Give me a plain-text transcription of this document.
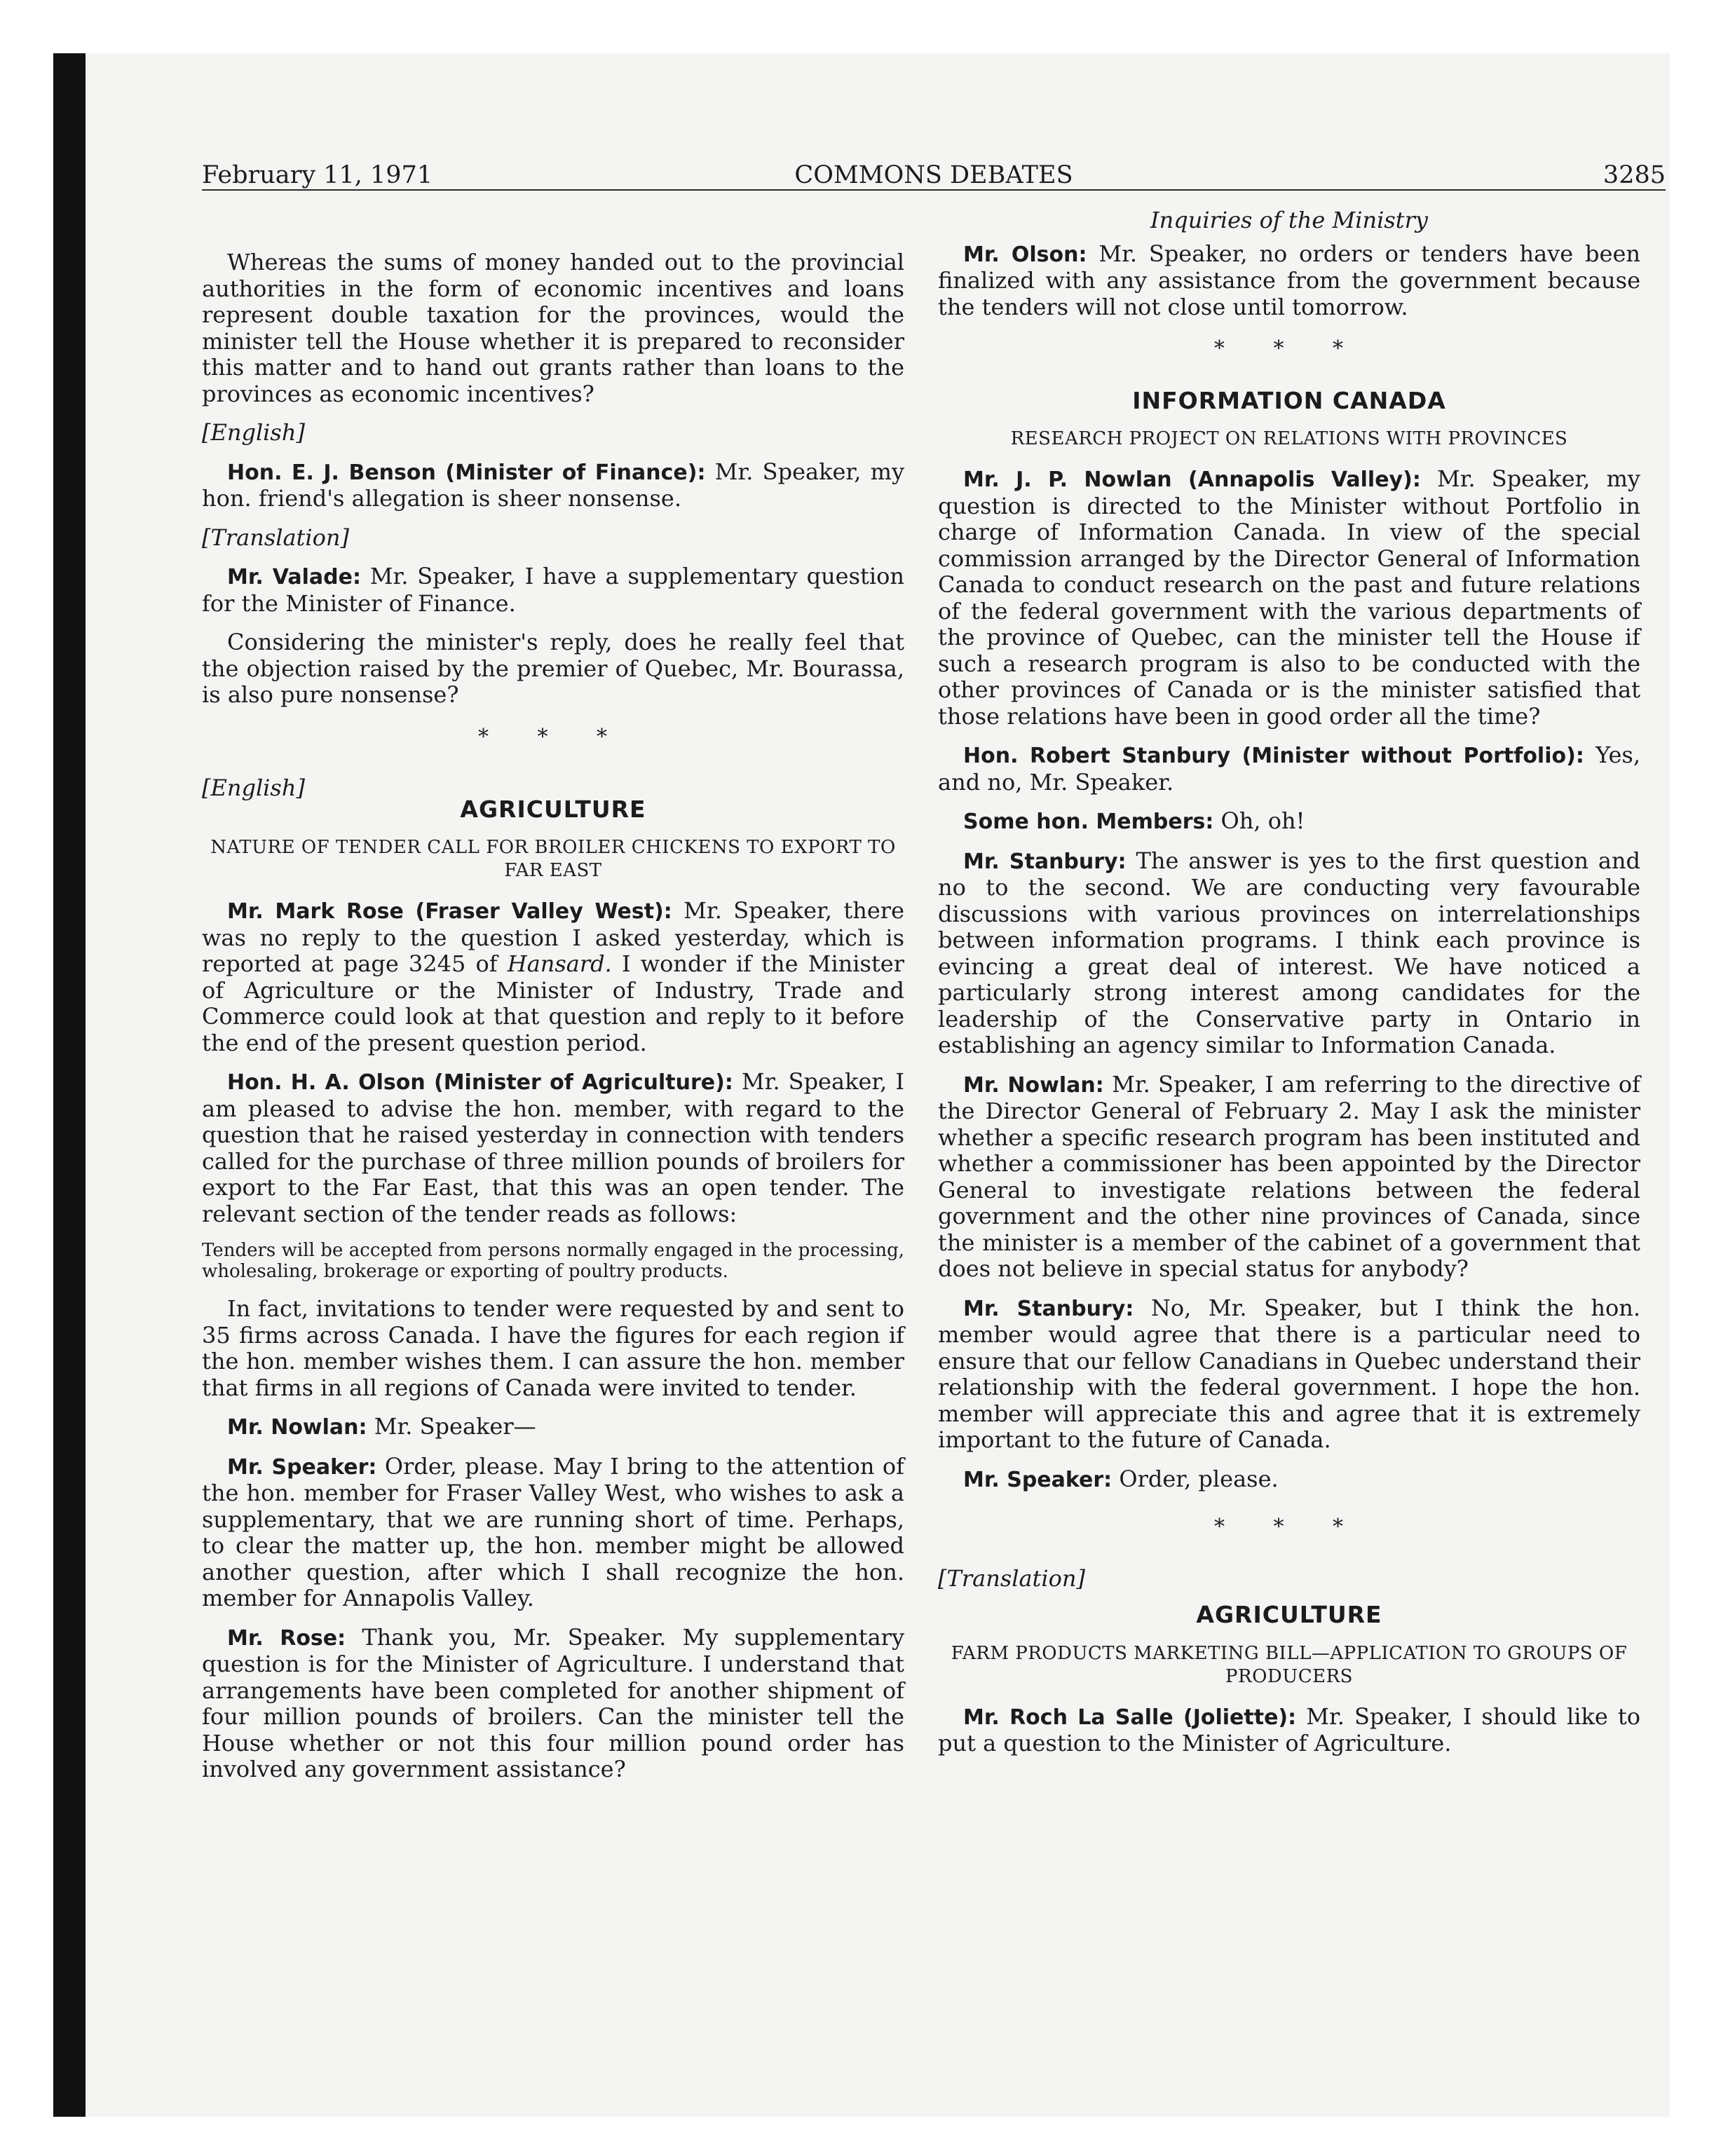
February 11, 1971	COMMONS DEBATES	3285

Whereas the sums of money handed out to the provincial authorities in the form of economic incentives and loans represent double taxation for the provinces, would the minister tell the House whether it is prepared to reconsider this matter and to hand out grants rather than loans to the provinces as economic incentives?

[English]

Hon. E. J. Benson (Minister of Finance): Mr. Speaker, my hon. friend's allegation is sheer nonsense.

[Translation]

Mr. Valade: Mr. Speaker, I have a supplementary question for the Minister of Finance.

Considering the minister's reply, does he really feel that the objection raised by the premier of Quebec, Mr. Bourassa, is also pure nonsense?

* * *
[English]
AGRICULTURE
NATURE OF TENDER CALL FOR BROILER CHICKENS TO EXPORT TO FAR EAST

Mr. Mark Rose (Fraser Valley West): Mr. Speaker, there was no reply to the question I asked yesterday, which is reported at page 3245 of Hansard. I wonder if the Minister of Agriculture or the Minister of Industry, Trade and Commerce could look at that question and reply to it before the end of the present question period.

Hon. H. A. Olson (Minister of Agriculture): Mr. Speaker, I am pleased to advise the hon. member, with regard to the question that he raised yesterday in connection with tenders called for the purchase of three million pounds of broilers for export to the Far East, that this was an open tender. The relevant section of the tender reads as follows:

Tenders will be accepted from persons normally engaged in the processing, wholesaling, brokerage or exporting of poultry products.

In fact, invitations to tender were requested by and sent to 35 firms across Canada. I have the figures for each region if the hon. member wishes them. I can assure the hon. member that firms in all regions of Canada were invited to tender.

Mr. Nowlan: Mr. Speaker—

Mr. Speaker: Order, please. May I bring to the attention of the hon. member for Fraser Valley West, who wishes to ask a supplementary, that we are running short of time. Perhaps, to clear the matter up, the hon. member might be allowed another question, after which I shall recognize the hon. member for Annapolis Valley.

Mr. Rose: Thank you, Mr. Speaker. My supplementary question is for the Minister of Agriculture. I understand that arrangements have been completed for another shipment of four million pounds of broilers. Can the minister tell the House whether or not this four million pound order has involved any government assistance?

Inquiries of the Ministry

Mr. Olson: Mr. Speaker, no orders or tenders have been finalized with any assistance from the government because the tenders will not close until tomorrow.

* * *
INFORMATION CANADA
RESEARCH PROJECT ON RELATIONS WITH PROVINCES

Mr. J. P. Nowlan (Annapolis Valley): Mr. Speaker, my question is directed to the Minister without Portfolio in charge of Information Canada. In view of the special commission arranged by the Director General of Information Canada to conduct research on the past and future relations of the federal government with the various departments of the province of Quebec, can the minister tell the House if such a research program is also to be conducted with the other provinces of Canada or is the minister satisfied that those relations have been in good order all the time?

Hon. Robert Stanbury (Minister without Portfolio): Yes, and no, Mr. Speaker.

Some hon. Members: Oh, oh!

Mr. Stanbury: The answer is yes to the first question and no to the second. We are conducting very favourable discussions with various provinces on interrelationships between information programs. I think each province is evincing a great deal of interest. We have noticed a particularly strong interest among candidates for the leadership of the Conservative party in Ontario in establishing an agency similar to Information Canada.

Mr. Nowlan: Mr. Speaker, I am referring to the directive of the Director General of February 2. May I ask the minister whether a specific research program has been instituted and whether a commissioner has been appointed by the Director General to investigate relations between the federal government and the other nine provinces of Canada, since the minister is a member of the cabinet of a government that does not believe in special status for anybody?

Mr. Stanbury: No, Mr. Speaker, but I think the hon. member would agree that there is a particular need to ensure that our fellow Canadians in Quebec understand their relationship with the federal government. I hope the hon. member will appreciate this and agree that it is extremely important to the future of Canada.

Mr. Speaker: Order, please.

* * *
[Translation]
AGRICULTURE
FARM PRODUCTS MARKETING BILL—APPLICATION TO GROUPS OF PRODUCERS

Mr. Roch La Salle (Joliette): Mr. Speaker, I should like to put a question to the Minister of Agriculture.
